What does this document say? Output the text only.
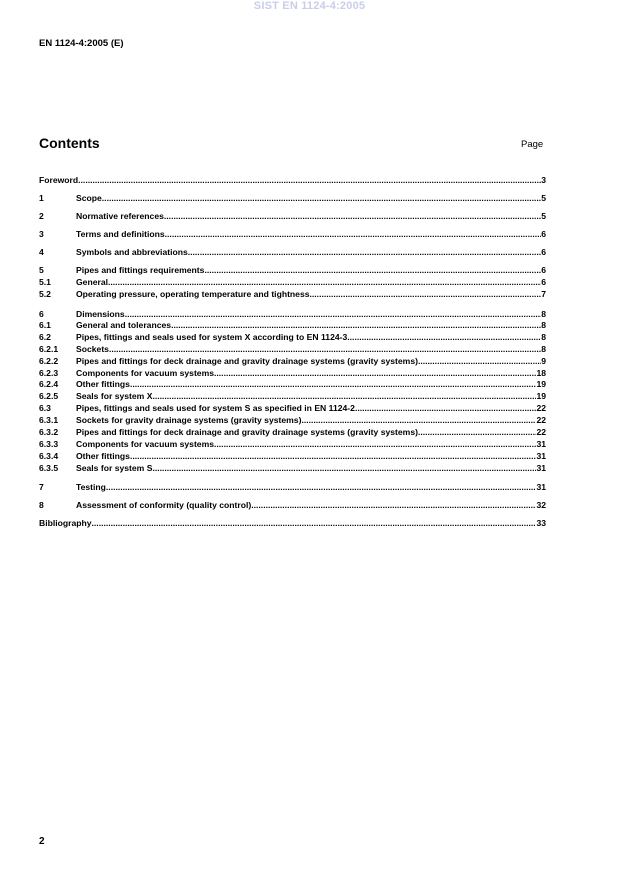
SIST EN 1124-4:2005
EN 1124-4:2005 (E)
Contents	Page
Foreword .....	3
1	Scope .....	5
2	Normative references .....	5
3	Terms and definitions .....	6
4	Symbols and abbreviations .....	6
5	Pipes and fittings requirements .....	6
5.1	General .....	6
5.2	Operating pressure, operating temperature and tightness .....	7
6	Dimensions .....	8
6.1	General and tolerances .....	8
6.2	Pipes, fittings and seals used for system X according to EN 1124-3 .....	8
6.2.1	Sockets .....	8
6.2.2	Pipes and fittings for deck drainage and gravity drainage systems (gravity systems) .....	9
6.2.3	Components for vacuum systems .....	18
6.2.4	Other fittings .....	19
6.2.5	Seals for system X .....	19
6.3	Pipes, fittings and seals used for system S as specified in EN 1124-2 .....	22
6.3.1	Sockets for gravity drainage systems (gravity systems) .....	22
6.3.2	Pipes and fittings for deck drainage and gravity drainage systems (gravity systems) .....	22
6.3.3	Components for vacuum systems .....	31
6.3.4	Other fittings .....	31
6.3.5	Seals for system S .....	31
7	Testing .....	31
8	Assessment of conformity (quality control) .....	32
Bibliography .....	33
2
